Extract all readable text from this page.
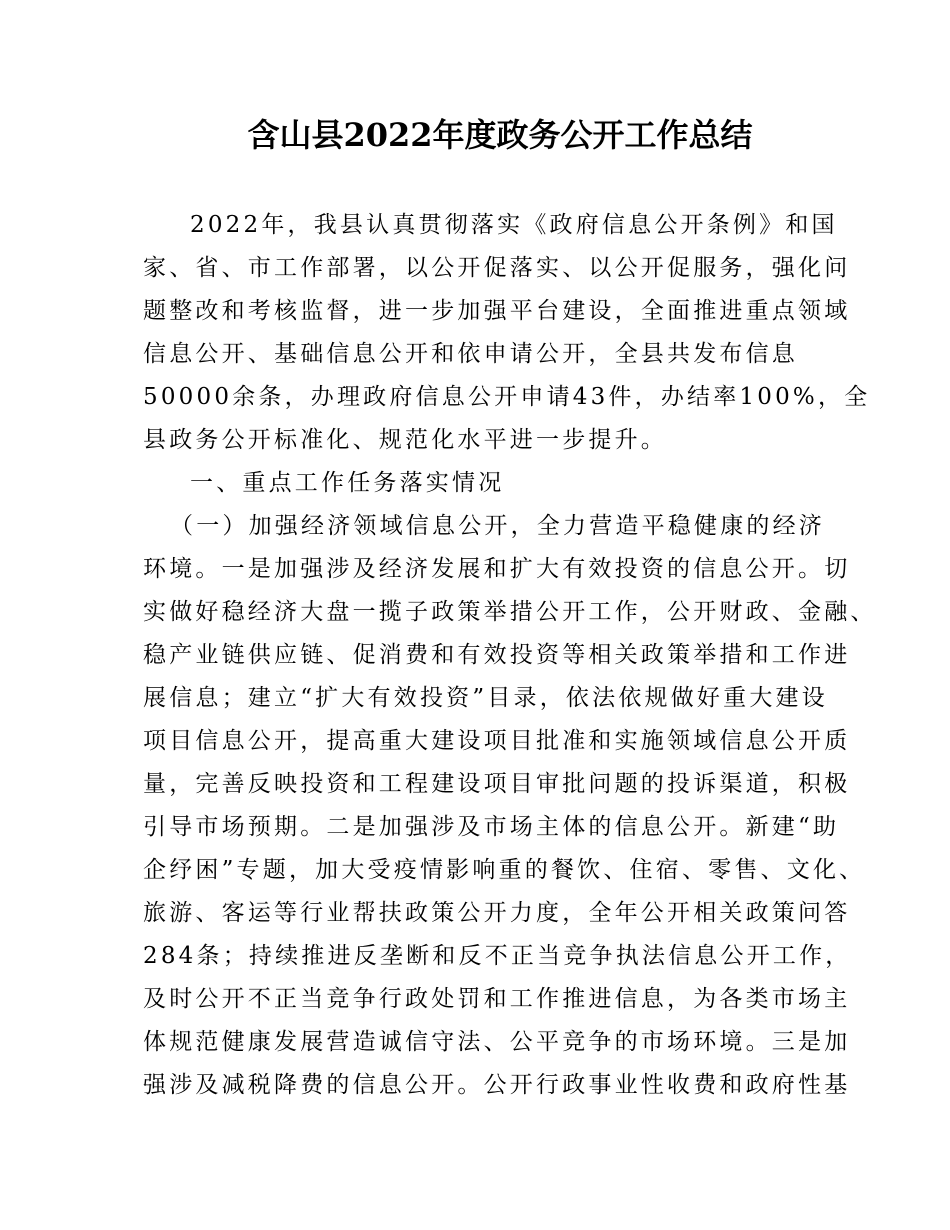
含山县2022年度政务公开工作总结
2022年，我县认真贯彻落实《政府信息公开条例》和国
家、省、市工作部署，以公开促落实、以公开促服务，强化问
题整改和考核监督，进一步加强平台建设，全面推进重点领域
信息公开、基础信息公开和依申请公开，全县共发布信息
50000余条，办理政府信息公开申请43件，办结率100%，全
县政务公开标准化、规范化水平进一步提升。
一、重点工作任务落实情况
（一）加强经济领域信息公开，全力营造平稳健康的经济
环境。一是加强涉及经济发展和扩大有效投资的信息公开。切
实做好稳经济大盘一揽子政策举措公开工作，公开财政、金融、
稳产业链供应链、促消费和有效投资等相关政策举措和工作进
展信息；建立“扩大有效投资”目录，依法依规做好重大建设
项目信息公开，提高重大建设项目批准和实施领域信息公开质
量，完善反映投资和工程建设项目审批问题的投诉渠道，积极
引导市场预期。二是加强涉及市场主体的信息公开。新建“助
企纾困”专题，加大受疫情影响重的餐饮、住宿、零售、文化、
旅游、客运等行业帮扶政策公开力度，全年公开相关政策问答
284条；持续推进反垄断和反不正当竞争执法信息公开工作，
及时公开不正当竞争行政处罚和工作推进信息，为各类市场主
体规范健康发展营造诚信守法、公平竞争的市场环境。三是加
强涉及减税降费的信息公开。公开行政事业性收费和政府性基
